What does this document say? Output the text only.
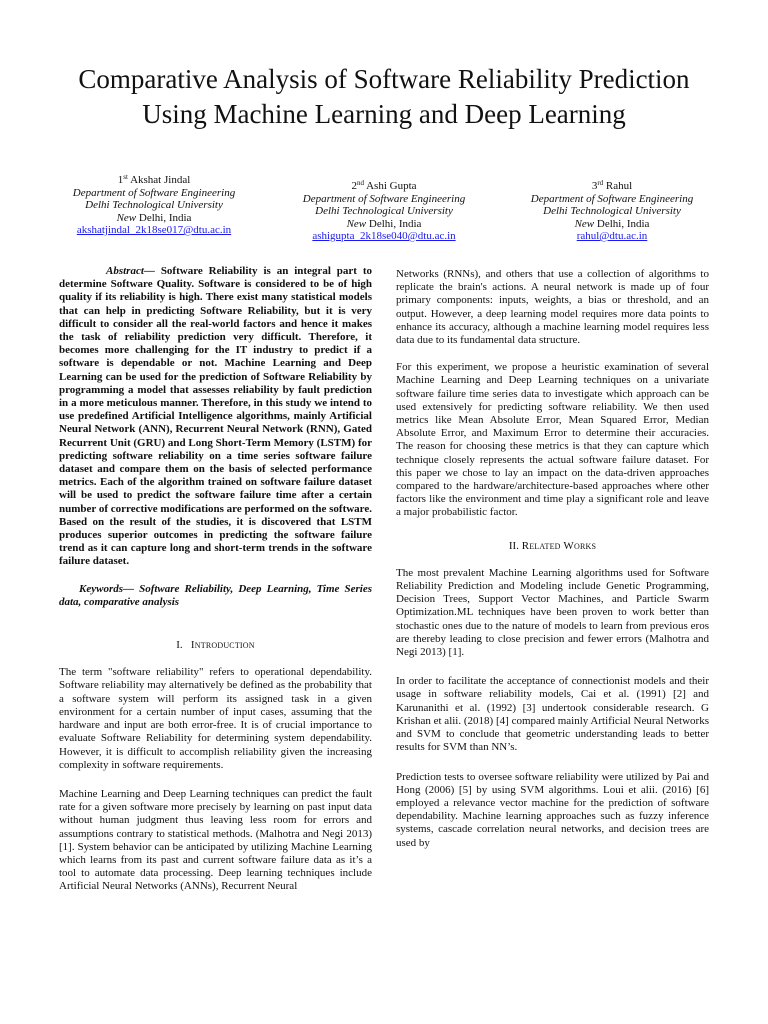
Comparative Analysis of Software Reliability Prediction Using Machine Learning and Deep Learning
1st Akshat Jindal
Department of Software Engineering
Delhi Technological University
New Delhi, India
akshatjindal_2k18se017@dtu.ac.in
2nd Ashi Gupta
Department of Software Engineering
Delhi Technological University
New Delhi, India
ashigupta_2k18se040@dtu.ac.in
3rd Rahul
Department of Software Engineering
Delhi Technological University
New Delhi, India
rahul@dtu.ac.in

Abstract— Software Reliability is an integral part to determine Software Quality. Software is considered to be of high quality if its reliability is high. There exist many statistical models that can help in predicting Software Reliability, but it is very difficult to consider all the real-world factors and hence it makes the task of reliability prediction very difficult. Therefore, it becomes more challenging for the IT industry to predict if a software is dependable or not. Machine Learning and Deep Learning can be used for the prediction of Software Reliability by programming a model that assesses reliability by fault prediction in a more meticulous manner. Therefore, in this study we intend to use predefined Artificial Intelligence algorithms, mainly Artificial Neural Network (ANN), Recurrent Neural Network (RNN), Gated Recurrent Unit (GRU) and Long Short-Term Memory (LSTM) for predicting software reliability on a time series software failure dataset and compare them on the basis of selected performance metrics. Each of the algorithm trained on software failure dataset will be used to predict the software failure time after a certain number of corrective modifications are performed on the software. Based on the result of the studies, it is discovered that LSTM produces superior outcomes in predicting the software failure trend as it can capture long and short-term trends in the software failure dataset.

Keywords— Software Reliability, Deep Learning, Time Series data, comparative analysis

I. Introduction

The term "software reliability" refers to operational dependability. Software reliability may alternatively be defined as the probability that a software system will perform its assigned task in a given environment for a certain number of input cases, assuming that the hardware and input are both error-free. It is of crucial importance to evaluate Software Reliability for determining system dependability. However, it is difficult to accomplish reliability given the increasing complexity in software requirements.

Machine Learning and Deep Learning techniques can predict the fault rate for a given software more precisely by learning on past input data without human judgment thus leaving less room for errors and assumptions contrary to statistical methods. (Malhotra and Negi 2013) [1]. System behavior can be anticipated by utilizing Machine Learning which learns from its past and current software failure data as it’s a tool to automate data processing. Deep learning techniques include Artificial Neural Networks (ANNs), Recurrent Neural

Networks (RNNs), and others that use a collection of algorithms to replicate the brain's actions. A neural network is made up of four primary components: inputs, weights, a bias or threshold, and an output. However, a deep learning model requires more data points to enhance its accuracy, although a machine learning model requires less data due to its fundamental data structure.

For this experiment, we propose a heuristic examination of several Machine Learning and Deep Learning techniques on a univariate software failure time series data to investigate which approach can be used extensively for predicting software reliability. We then used metrics like Mean Absolute Error, Mean Squared Error, Median Absolute Error, and Maximum Error to determine their accuracies. The reason for choosing these metrics is that they can capture which technique closely represents the actual software failure dataset. For this paper we chose to lay an impact on the data-driven approaches compared to the hardware/architecture-based approaches where other factors like the environment and time play a significant role and leave a major probabilistic factor.

II. Related Works

The most prevalent Machine Learning algorithms used for Software Reliability Prediction and Modeling include Genetic Programming, Decision Trees, Support Vector Machines, and Particle Swarm Optimization.ML techniques have been proven to work better than stochastic ones due to the nature of models to learn from previous eros are thereby leading to close precision and fewer errors (Malhotra and Negi 2013) [1].

In order to facilitate the acceptance of connectionist models and their usage in software reliability models, Cai et al. (1991) [2] and Karunanithi et al. (1992) [3] undertook considerable research. G Krishan et alii. (2018) [4] compared mainly Artificial Neural Networks and SVM to conclude that geometric understanding leads to better results for SVM than NN’s.

Prediction tests to oversee software reliability were utilized by Pai and Hong (2006) [5] by using SVM algorithms. Loui et alii. (2016) [6] employed a relevance vector machine for the prediction of software dependability. Machine learning approaches such as fuzzy inference systems, cascade correlation neural networks, and decision trees are used by
